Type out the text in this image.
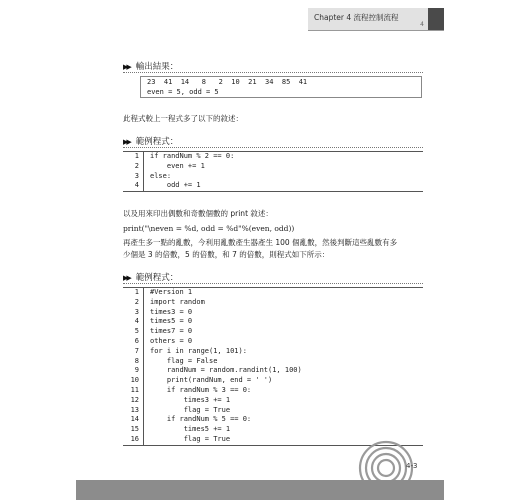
Chapter 4 流程控制流程
4
▶▶ 輸出結果：
23  41  14   8   2  10  21  34  85  41
even = 5, odd = 5
此程式較上一程式多了以下的敘述：
▶▶ 範例程式：
1	if randNum % 2 == 0:
2	even += 1
3	else:
4	odd += 1
以及用來印出偶數和奇數個數的 print 敘述：
print("\neven = %d, odd = %d"%(even, odd))
再產生多一點的亂數，今利用亂數產生器產生 100 個亂數，然後判斷這些亂數有多
少個是 3 的倍數，5 的倍數，和 7 的倍數，則程式如下所示：
▶▶ 範例程式：
1	#Version 1
2	import random
3	times3 = 0
4	times5 = 0
5	times7 = 0
6	others = 0
7	for i in range(1, 101):
8	flag = False
9	randNum = random.randint(1, 100)
10	print(randNum, end = ' ')
11	if randNum % 3 == 0:
12	times3 += 1
13	flag = True
14	if randNum % 5 == 0:
15	times5 += 1
16	flag = True
4-3
